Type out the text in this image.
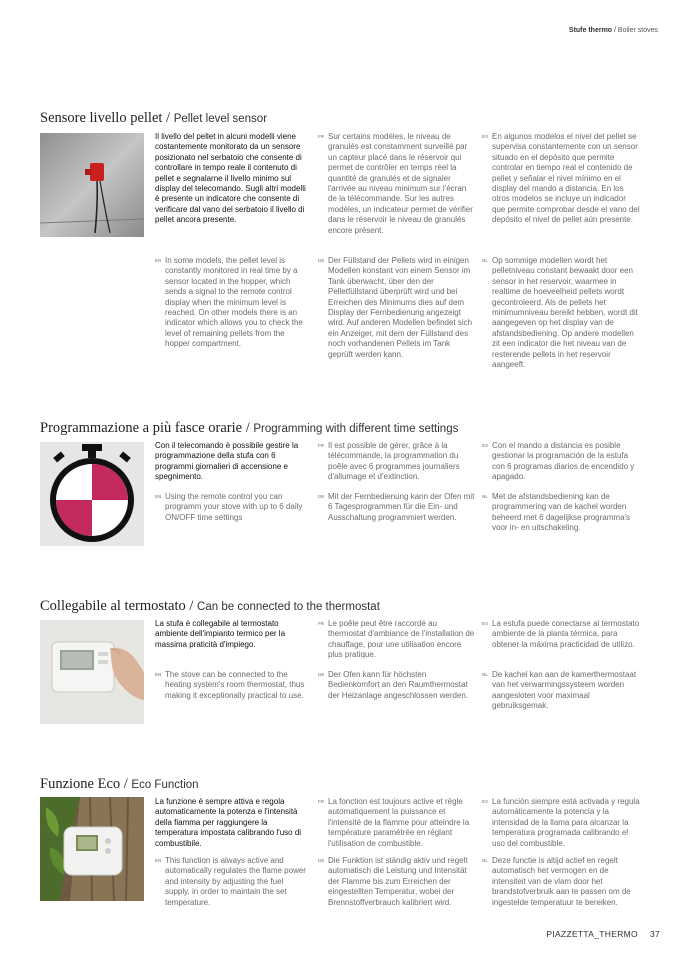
Stufe thermo / Boiler stoves
Sensore livello pellet / Pellet level sensor
Il livello del pellet in alcuni modelli viene costantemente monitorato da un sensore posizionato nel serbatoio che consente di controllare in tempo reale il contenuto di pellet e segnalarne il livello minimo sul display del telecomando. Sugli altri modelli è presente un indicatore che consente di verificare dal vano del serbatoio il livello di pellet ancora presente.
FR Sur certains modèles, le niveau de granulés est constamment surveillé par un capteur placé dans le réservoir qui permet de contrôler en temps réel la quantité de granulés et de signaler l'arrivée au niveau minimum sur l'écran de la télécommande. Sur les autres modèles, un indicateur permet de vérifier dans le réservoir le niveau de granulés encore présent.
ES En algunos modelos el nivel del pellet se supervisa constantemente con un sensor situado en el depósito que permite controlar en tiempo real el contenido de pellet y señalar el nivel mínimo en el display del mando a distancia. En los otros modelos se incluye un indicador que permite comprobar desde el vano del depósito el nivel de pellet aún presente.
EN In some models, the pellet level is constantly monitored in real time by a sensor located in the hopper, which sends a signal to the remote control display when the minimum level is reached. On other models there is an indicator which allows you to check the level of remaining pellets from the hopper compartment.
DE Der Füllstand der Pellets wird in einigen Modellen konstant von einem Sensor im Tank überwacht, über den der Pelletfüllstand überprüft wird und bei Erreichen des Minimums dies auf dem Display der Fernbedienung angezeigt wird. Auf anderen Modellen befindet sich ein Anzeiger, mit dem der Füllstand des noch vorhandenen Pellets im Tank geprüft werden kann.
NL Op sommige modellen wordt het pelletniveau constant bewaakt door een sensor in het reservoir, waarmee in realtime de hoeveelheid pellets wordt gecontroleerd. Als de pellets het minimumniveau bereikt hebben, wordt dit aangegeven op het display van de afstandsbediening. Op andere modellen zit een indicator die het niveau van de resterende pellets in het reservoir aangeeft.
Programmazione a più fasce orarie / Programming with different time settings
Con il telecomando è possibile gestire la programmazione della stufa con 6 programmi giornalieri di accensione e spegnimento.
FR Il est possible de gérer, grâce à la télécommande, la programmation du poêle avec 6 programmes journaliers d'allumage et d'extinction.
ES Con el mando a distancia es posible gestionar la programación de la estufa con 6 programas diarios de encendido y apagado.
EN Using the remote control you can programm your stove with up to 6 daily ON/OFF time settings
DE Mit der Fernbedienung kann der Ofen mit 6 Tagesprogrammen für die Ein- und Ausschaltung programmiert werden.
NL Met de afstandsbediening kan de programmering van de kachel worden beheerd met 6 dagelijkse programma's voor in- en uitschakeling.
Collegabile al termostato / Can be connected to the thermostat
La stufa è collegabile al termostato ambiente dell'impianto termico per la massima praticità d'impiego.
FR Le poêle peut être raccordé au thermostat d'ambiance de l'installation de chauffage, pour une utilisation encore plus pratique.
ES La estufa puede conectarse al termostato ambiente de la planta térmica, para obtener la máxima practicidad de utilizo.
EN The stove can be connected to the heating system's room thermostat, thus making it exceptionally practical to use.
DE Der Ofen kann für höchsten Bedienkomfort an den Raumthermostat der Heizanlage angeschlossen werden.
NL De kachel kan aan de kamerthermostaat van het verwarmingssysteem worden aangesloten voor maximaal gebruiksgemak.
Funzione Eco / Eco Function
La funzione è sempre attiva e regola automaticamente la potenza e l'intensità della fiamma per raggiungere la temperatura impostata calibrando l'uso di combustibile.
FR La fonction est toujours active et règle automatiquement la puissance et l'intensité de la flamme pour atteindre la température paramétrée en réglant l'utilisation de combustible.
ES La función siempre está activada y regula automáticamente la potencia y la intensidad de la llama para alcanzar la temperatura programada calibrando el uso del combustible.
EN This function is always active and automatically regulates the flame power and intensity by adjusting the fuel supply, in order to maintain the set temperature.
DE Die Funktion ist ständig aktiv und regelt automatisch die Leistung und Intensität der Flamme bis zum Erreichen der eingestellten Temperatur, wobei der Brennstoffverbrauch kalibriert wird.
NL Deze functie is altijd actief en regelt automatisch het vermogen en de intensiteit van de vlam door het brandstofverbruik aan te passen om de ingestelde temperatuur te bereiken.
PIAZZETTA_THERMO 37
